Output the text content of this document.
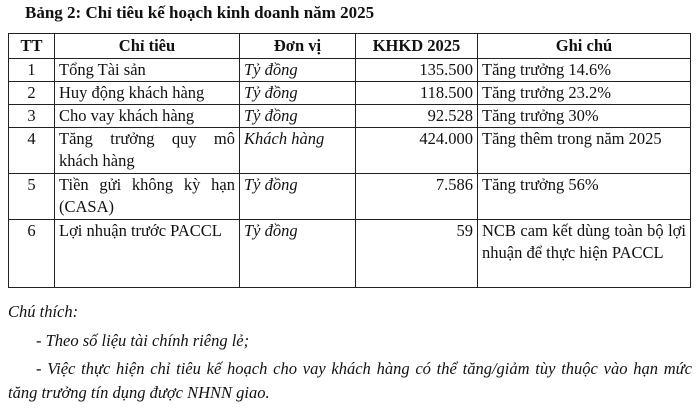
Bảng 2: Chỉ tiêu kế hoạch kinh doanh năm 2025
TT	Chỉ tiêu	Đơn vị	KHKD 2025	Ghi chú
1	Tổng Tài sản	Tỷ đồng	135.500	Tăng trưởng 14.6%
2	Huy động khách hàng	Tỷ đồng	118.500	Tăng trưởng 23.2%
3	Cho vay khách hàng	Tỷ đồng	92.528	Tăng trưởng 30%
4	Tăng trưởng quy mô khách hàng	Khách hàng	424.000	Tăng thêm trong năm 2025
5	Tiền gửi không kỳ hạn (CASA)	Tỷ đồng	7.586	Tăng trưởng 56%
6	Lợi nhuận trước PACCL	Tỷ đồng	59	NCB cam kết dùng toàn bộ lợi nhuận để thực hiện PACCL

Chú thích:

- Theo số liệu tài chính riêng lẻ;

- Việc thực hiện chỉ tiêu kế hoạch cho vay khách hàng có thể tăng/giảm tùy thuộc vào hạn mức tăng trưởng tín dụng được NHNN giao.
